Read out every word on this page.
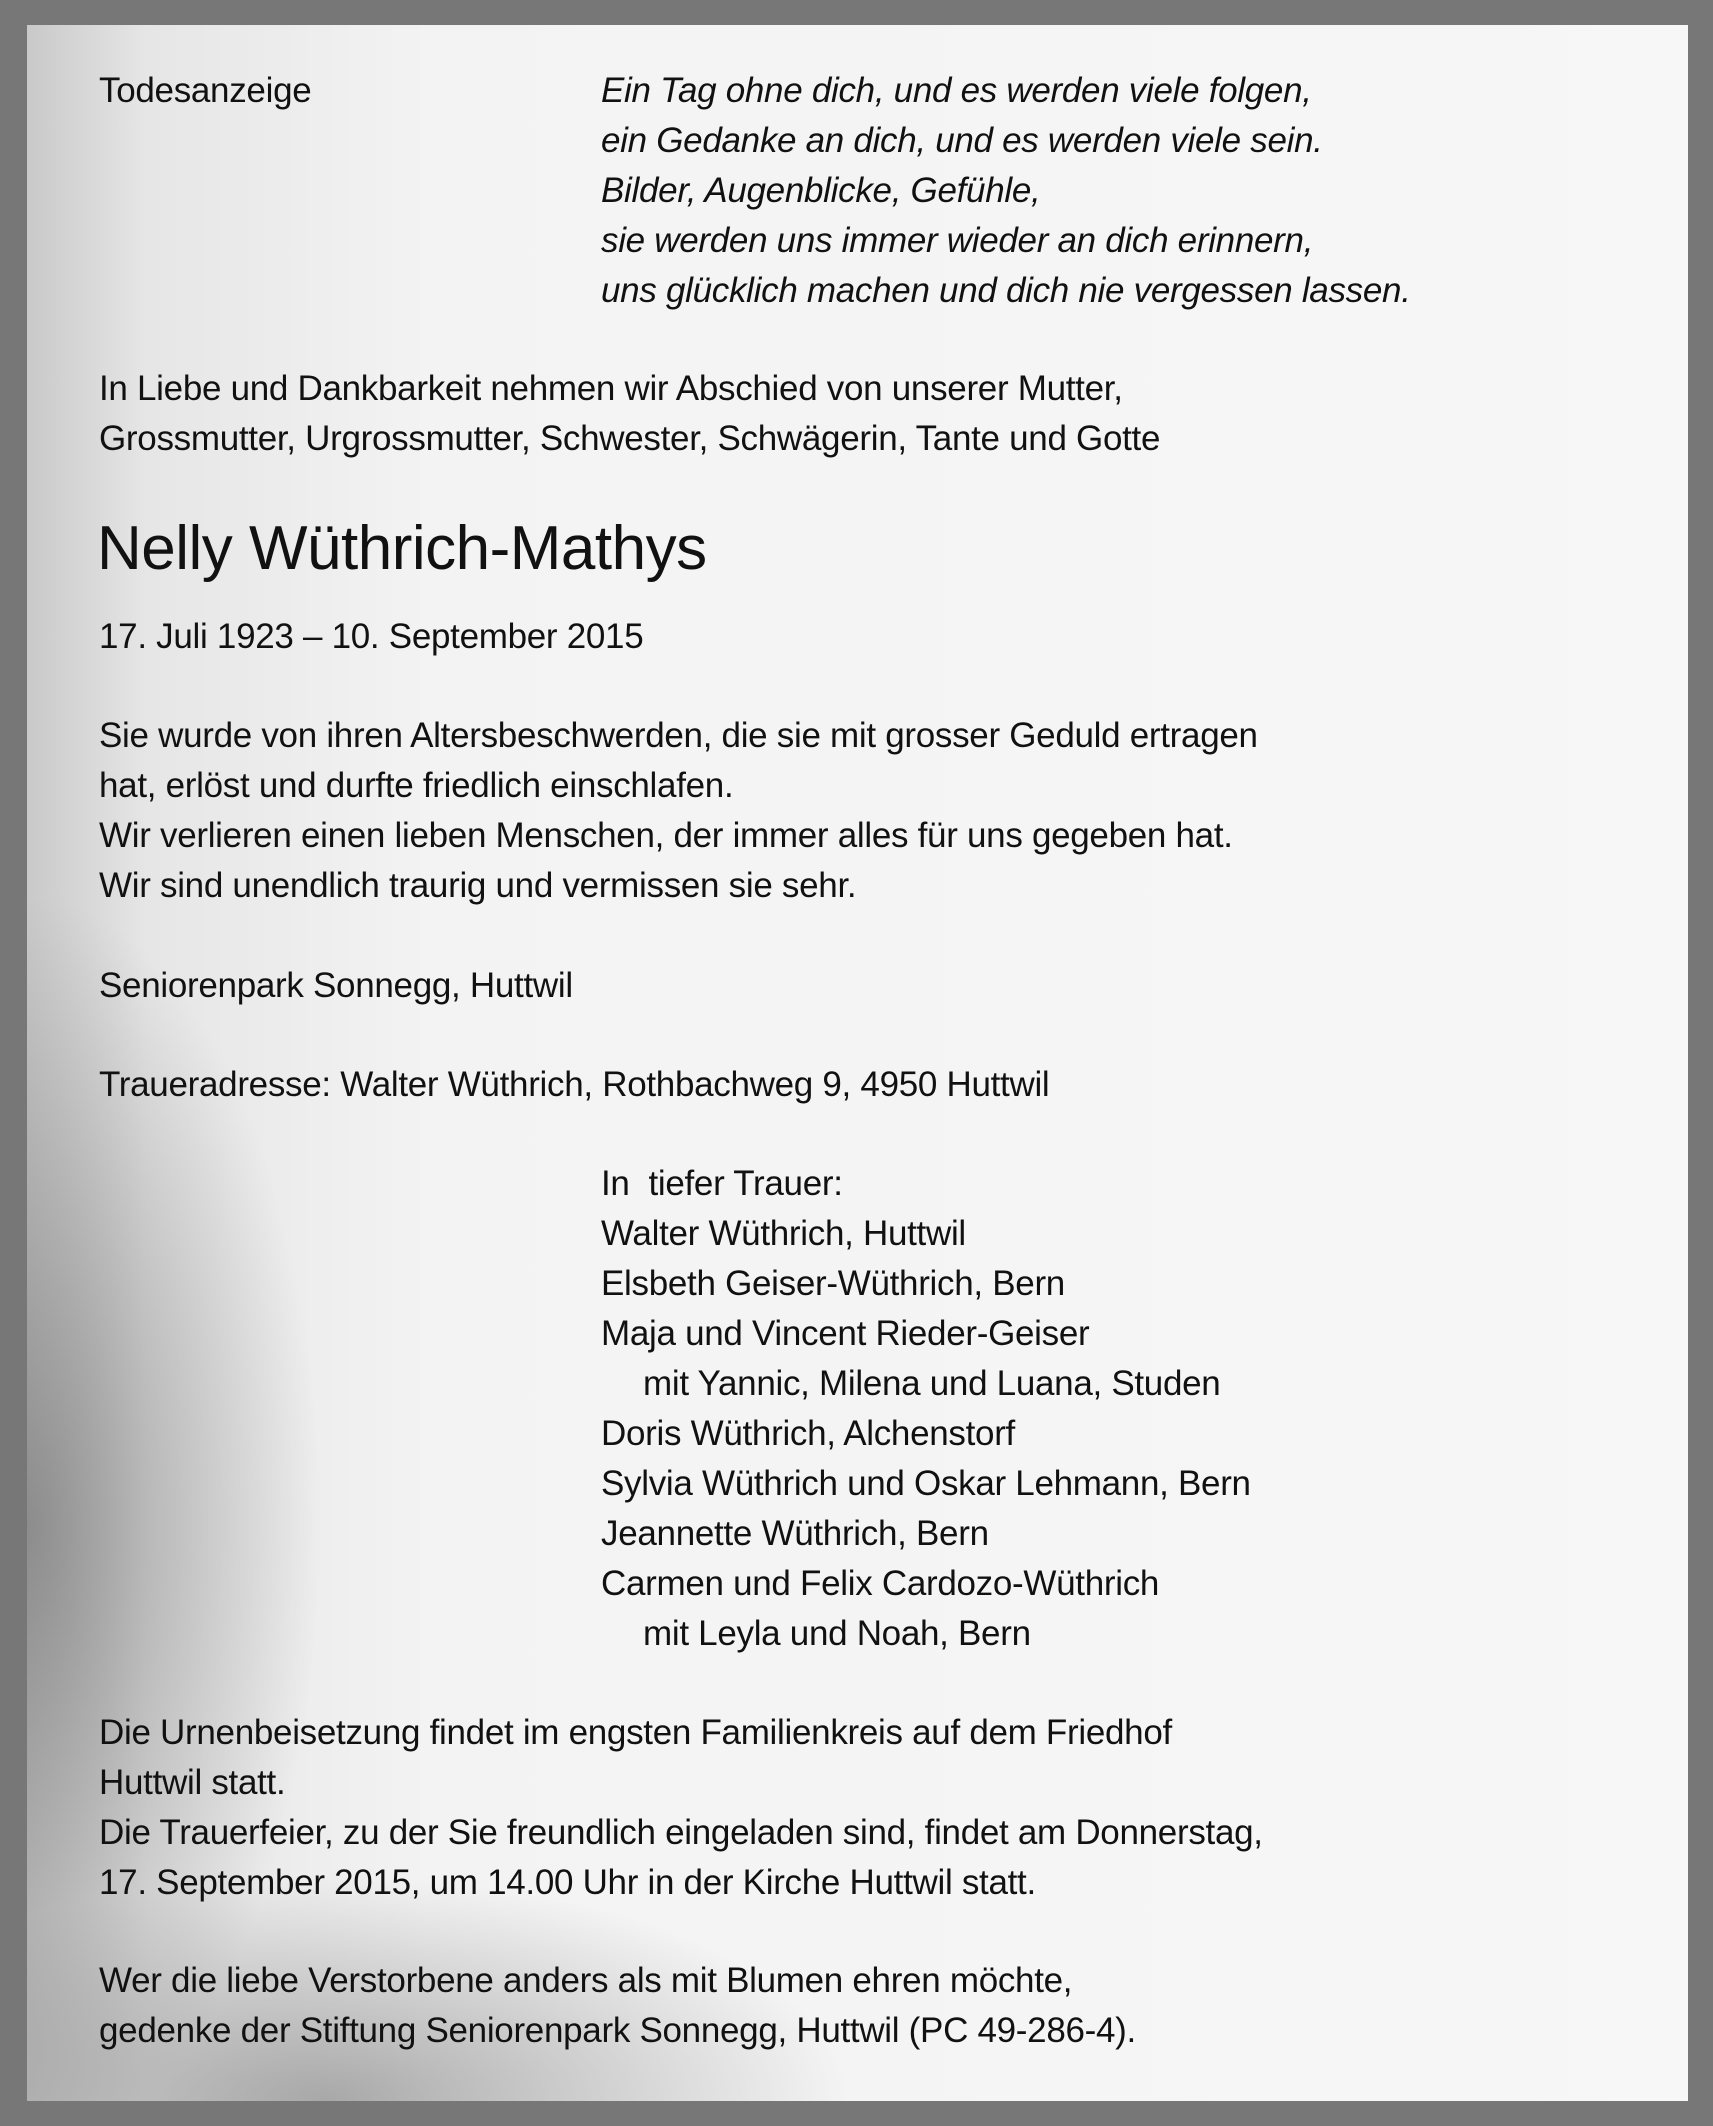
Todesanzeige	Ein Tag ohne dich, und es werden viele folgen,
ein Gedanke an dich, und es werden viele sein.
Bilder, Augenblicke, Gefühle,
sie werden uns immer wieder an dich erinnern,
uns glücklich machen und dich nie vergessen lassen.
In Liebe und Dankbarkeit nehmen wir Abschied von unserer Mutter,
Grossmutter, Urgrossmutter, Schwester, Schwägerin, Tante und Gotte
Nelly Wüthrich-Mathys
17. Juli 1923 – 10. September 2015
Sie wurde von ihren Altersbeschwerden, die sie mit grosser Geduld ertragen
hat, erlöst und durfte friedlich einschlafen.
Wir verlieren einen lieben Menschen, der immer alles für uns gegeben hat.
Wir sind unendlich traurig und vermissen sie sehr.
Seniorenpark Sonnegg, Huttwil
Traueradresse: Walter Wüthrich, Rothbachweg 9, 4950 Huttwil
In  tiefer Trauer:
Walter Wüthrich, Huttwil
Elsbeth Geiser-Wüthrich, Bern
Maja und Vincent Rieder-Geiser
mit Yannic, Milena und Luana, Studen
Doris Wüthrich, Alchenstorf
Sylvia Wüthrich und Oskar Lehmann, Bern
Jeannette Wüthrich, Bern
Carmen und Felix Cardozo-Wüthrich
mit Leyla und Noah, Bern
Die Urnenbeisetzung findet im engsten Familienkreis auf dem Friedhof
Huttwil statt.
Die Trauerfeier, zu der Sie freundlich eingeladen sind, findet am Donnerstag,
17. September 2015, um 14.00 Uhr in der Kirche Huttwil statt.
Wer die liebe Verstorbene anders als mit Blumen ehren möchte,
gedenke der Stiftung Seniorenpark Sonnegg, Huttwil (PC 49-286-4).
